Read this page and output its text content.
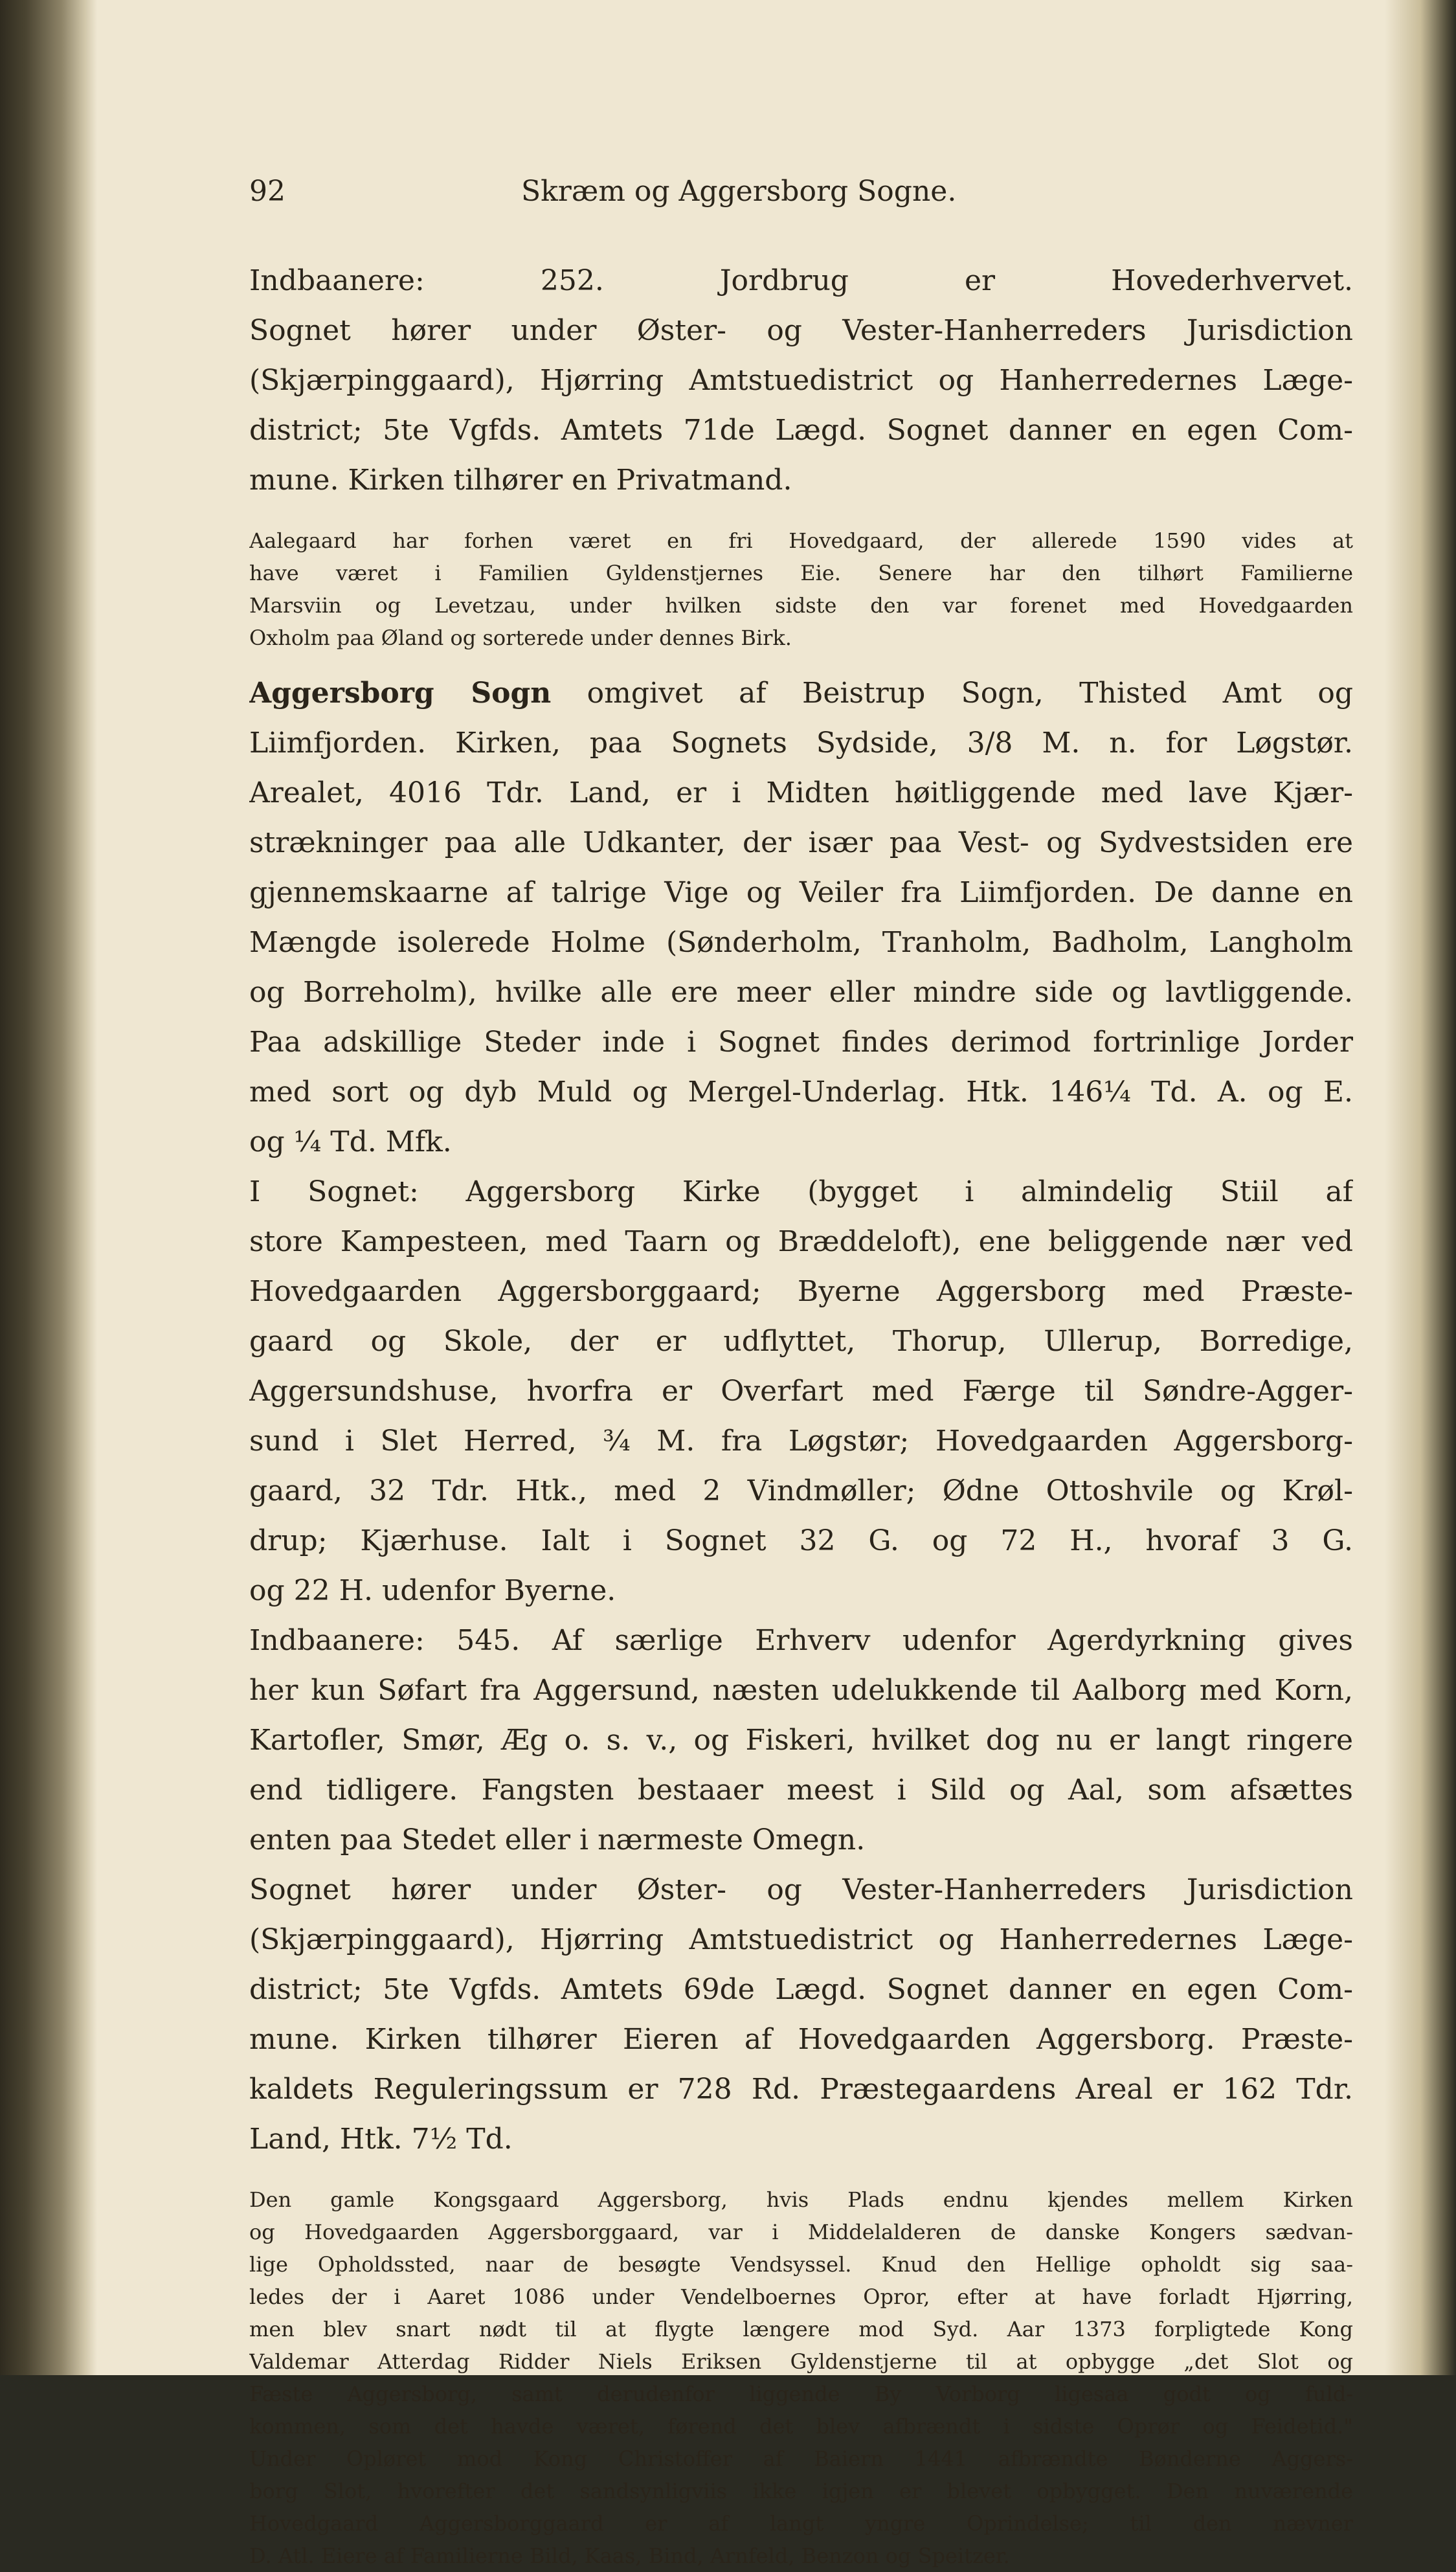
92	Skræm og Aggersborg Sogne.
Indbaanere: 252. Jordbrug er Hovederhvervet.
Sognet hører under Øster- og Vester-Hanherreders Jurisdiction
(Skjærpinggaard), Hjørring Amtstuedistrict og Hanherredernes Læge-
district; 5te Vgfds. Amtets 71de Lægd. Sognet danner en egen Com-
mune. Kirken tilhører en Privatmand.
Aalegaard har forhen været en fri Hovedgaard, der allerede 1590 vides at
have været i Familien Gyldenstjernes Eie. Senere har den tilhørt Familierne
Marsviin og Levetzau, under hvilken sidste den var forenet med Hovedgaarden
Oxholm paa Øland og sorterede under dennes Birk.
Aggersborg Sogn omgivet af Beistrup Sogn, Thisted Amt og
Liimfjorden. Kirken, paa Sognets Sydside, 3/8 M. n. for Løgstør.
Arealet, 4016 Tdr. Land, er i Midten høitliggende med lave Kjær-
strækninger paa alle Udkanter, der især paa Vest- og Sydvestsiden ere
gjennemskaarne af talrige Vige og Veiler fra Liimfjorden. De danne en
Mængde isolerede Holme (Sønderholm, Tranholm, Badholm, Langholm
og Borreholm), hvilke alle ere meer eller mindre side og lavtliggende.
Paa adskillige Steder inde i Sognet findes derimod fortrinlige Jorder
med sort og dyb Muld og Mergel-Underlag. Htk. 146¼ Td. A. og E.
og ¼ Td. Mfk.
I Sognet: Aggersborg Kirke (bygget i almindelig Stiil af
store Kampesteen, med Taarn og Bræddeloft), ene beliggende nær ved
Hovedgaarden Aggersborggaard; Byerne Aggersborg med Præste-
gaard og Skole, der er udflyttet, Thorup, Ullerup, Borredige,
Aggersundshuse, hvorfra er Overfart med Færge til Søndre-Agger-
sund i Slet Herred, ¾ M. fra Løgstør; Hovedgaarden Aggersborg-
gaard, 32 Tdr. Htk., med 2 Vindmøller; Ødne Ottoshvile og Krøl-
drup; Kjærhuse. Ialt i Sognet 32 G. og 72 H., hvoraf 3 G.
og 22 H. udenfor Byerne.
Indbaanere: 545. Af særlige Erhverv udenfor Agerdyrkning gives
her kun Søfart fra Aggersund, næsten udelukkende til Aalborg med Korn,
Kartofler, Smør, Æg o. s. v., og Fiskeri, hvilket dog nu er langt ringere
end tidligere. Fangsten bestaaer meest i Sild og Aal, som afsættes
enten paa Stedet eller i nærmeste Omegn.
Sognet hører under Øster- og Vester-Hanherreders Jurisdiction
(Skjærpinggaard), Hjørring Amtstuedistrict og Hanherredernes Læge-
district; 5te Vgfds. Amtets 69de Lægd. Sognet danner en egen Com-
mune. Kirken tilhører Eieren af Hovedgaarden Aggersborg. Præste-
kaldets Reguleringssum er 728 Rd. Præstegaardens Areal er 162 Tdr.
Land, Htk. 7½ Td.
Den gamle Kongsgaard Aggersborg, hvis Plads endnu kjendes mellem Kirken
og Hovedgaarden Aggersborggaard, var i Middelalderen de danske Kongers sædvan-
lige Opholdssted, naar de besøgte Vendsyssel. Knud den Hellige opholdt sig saa-
ledes der i Aaret 1086 under Vendelboernes Opror, efter at have forladt Hjørring,
men blev snart nødt til at flygte længere mod Syd. Aar 1373 forpligtede Kong
Valdemar Atterdag Ridder Niels Eriksen Gyldenstjerne til at opbygge „det Slot og
Fæste Aggersborg, samt derudenfor liggende By Vorborg ligesaa godt og fuld-
kommen, som det havde været, førend det blev afbrændt i sidste Oprør og Feidetid."
Under Opløret mod Kong Christoffer af Baiern 1441 afbrændte Bønderne Aggers-
borg Slot, hvorefter det sandsynligviis ikke igjen er blevet opbygget. Den nuværende
Hovedgaard Aggersborggaard er af langt yngre Oprindelse; til den nævner
D. Atl. Eiere af Familierne Bild, Kaas, Bind, Arnfeld, Benzon og Speitzer.
